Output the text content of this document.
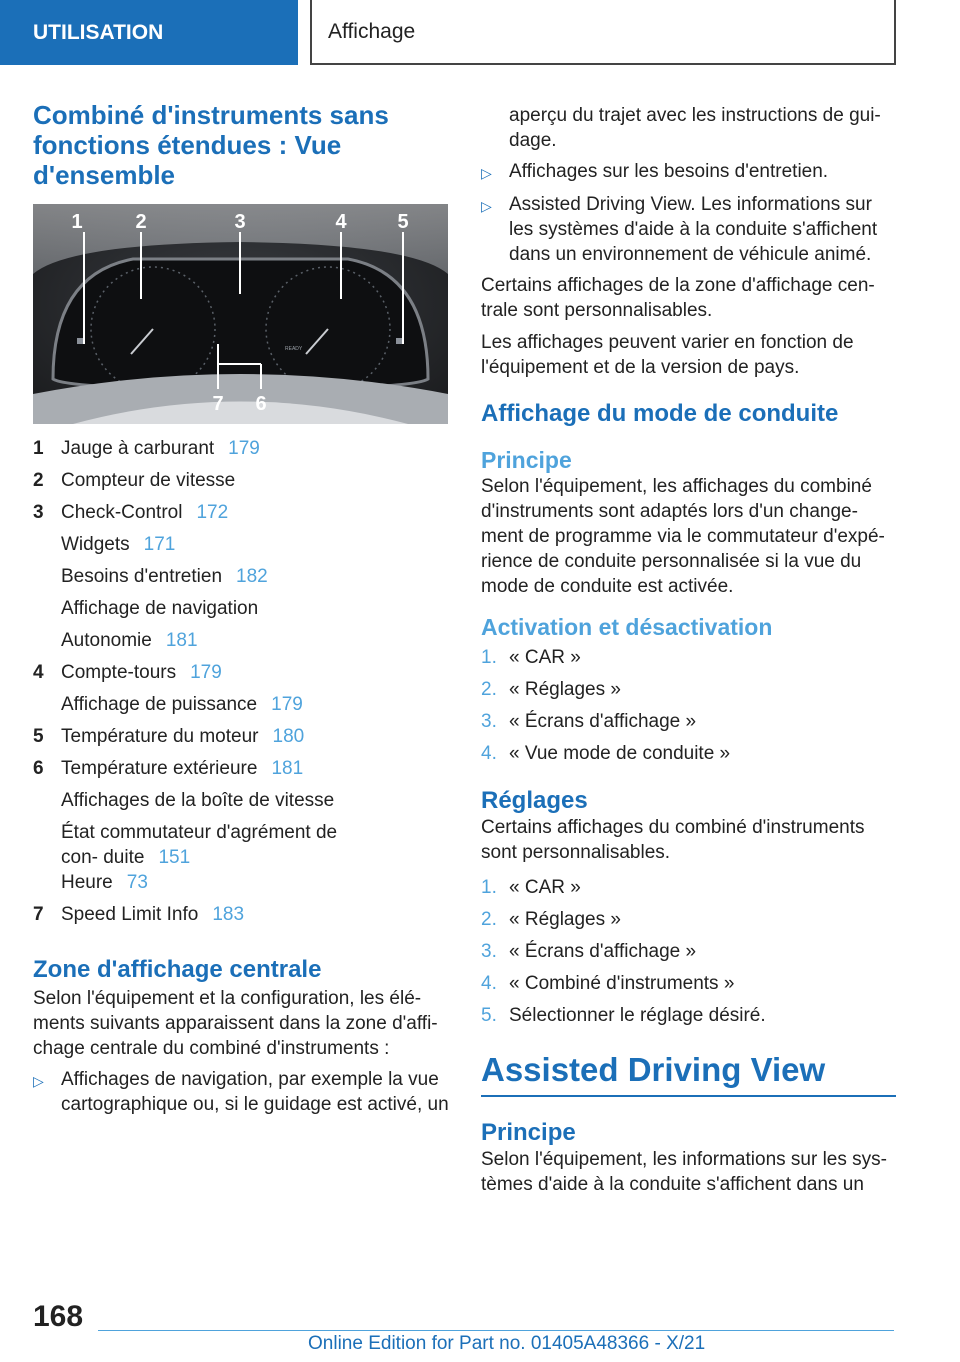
UTILISATION	Affichage
Combiné d'instruments sans fonctions étendues : Vue d'ensemble
READY
1	2	3	4	5
7 6
1 Jauge à carburant 179
2 Compteur de vitesse
3 Check-Control 172
Widgets 171
Besoins d'entretien 182
Affichage de navigation
Autonomie 181
4 Compte-tours 179
Affichage de puissance 179
5 Température du moteur 180
6 Température extérieure 181
Affichages de la boîte de vitesse
État commutateur d'agrément de con‐ duite 151
Heure 73
7 Speed Limit Info 183
Zone d'affichage centrale

Selon l'équipement et la configuration, les élé‐ ments suivants apparaissent dans la zone d'affi‐ chage centrale du combiné d'instruments :

▷ Affichages de navigation, par exemple la vue cartographique ou, si le guidage est activé, un

aperçu du trajet avec les instructions de gui‐ dage.

▷ Affichages sur les besoins d'entretien.
▷ Assisted Driving View. Les informations sur les systèmes d'aide à la conduite s'affichent dans un environnement de véhicule animé.

Certains affichages de la zone d'affichage cen‐ trale sont personnalisables.

Les affichages peuvent varier en fonction de l'équipement et de la version de pays.

Affichage du mode de conduite
Principe

Selon l'équipement, les affichages du combiné d'instruments sont adaptés lors d'un change‐ ment de programme via le commutateur d'expé‐ rience de conduite personnalisée si la vue du mode de conduite est activée.

Activation et désactivation
1. « CAR »
2. « Réglages »
3. « Écrans d'affichage »
4. « Vue mode de conduite »
Réglages

Certains affichages du combiné d'instruments sont personnalisables.

1. « CAR »
2. « Réglages »
3. « Écrans d'affichage »
4. « Combiné d'instruments »
5. Sélectionner le réglage désiré.
Assisted Driving View
Principe

Selon l'équipement, les informations sur les sys‐ tèmes d'aide à la conduite s'affichent dans un

168
Online Edition for Part no. 01405A48366 - X/21
